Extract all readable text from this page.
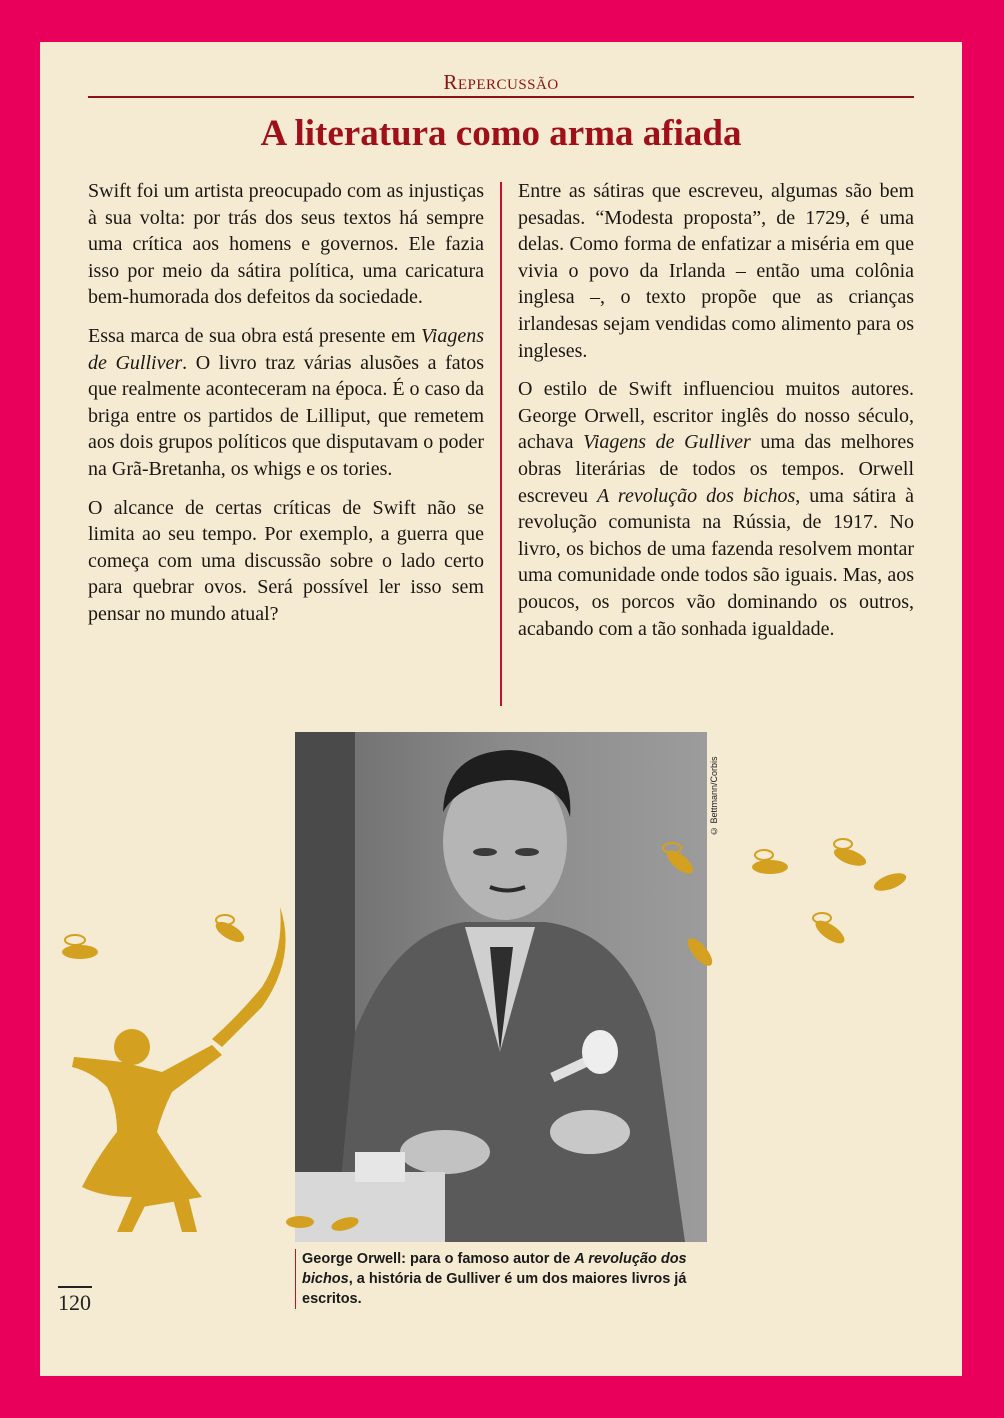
Repercussão
A literatura como arma afiada

Swift foi um artista preocupado com as injustiças à sua volta: por trás dos seus textos há sempre uma crítica aos homens e governos. Ele fazia isso por meio da sátira política, uma caricatura bem-humorada dos defeitos da sociedade.

Essa marca de sua obra está presente em Viagens de Gulliver. O livro traz várias alusões a fatos que realmente aconteceram na época. É o caso da briga entre os partidos de Lilliput, que remetem aos dois grupos políticos que disputavam o poder na Grã-Bretanha, os whigs e os tories.

O alcance de certas críticas de Swift não se limita ao seu tempo. Por exemplo, a guerra que começa com uma discussão sobre o lado certo para quebrar ovos. Será possível ler isso sem pensar no mundo atual?

Entre as sátiras que escreveu, algumas são bem pesadas. “Modesta proposta”, de 1729, é uma delas. Como forma de enfatizar a miséria em que vivia o povo da Irlanda – então uma colônia inglesa –, o texto propõe que as crianças irlandesas sejam vendidas como alimento para os ingleses.

O estilo de Swift influenciou muitos autores. George Orwell, escritor inglês do nosso século, achava Viagens de Gulliver uma das melhores obras literárias de todos os tempos. Orwell escreveu A revolução dos bichos, uma sátira à revolução comunista na Rússia, de 1917. No livro, os bichos de uma fazenda resolvem montar uma comunidade onde todos são iguais. Mas, aos poucos, os porcos vão dominando os outros, acabando com a tão sonhada igualdade.

© Bettmann/Corbis
George Orwell: para o famoso autor de A revolução dos bichos, a história de Gulliver é um dos maiores livros já escritos.
120
